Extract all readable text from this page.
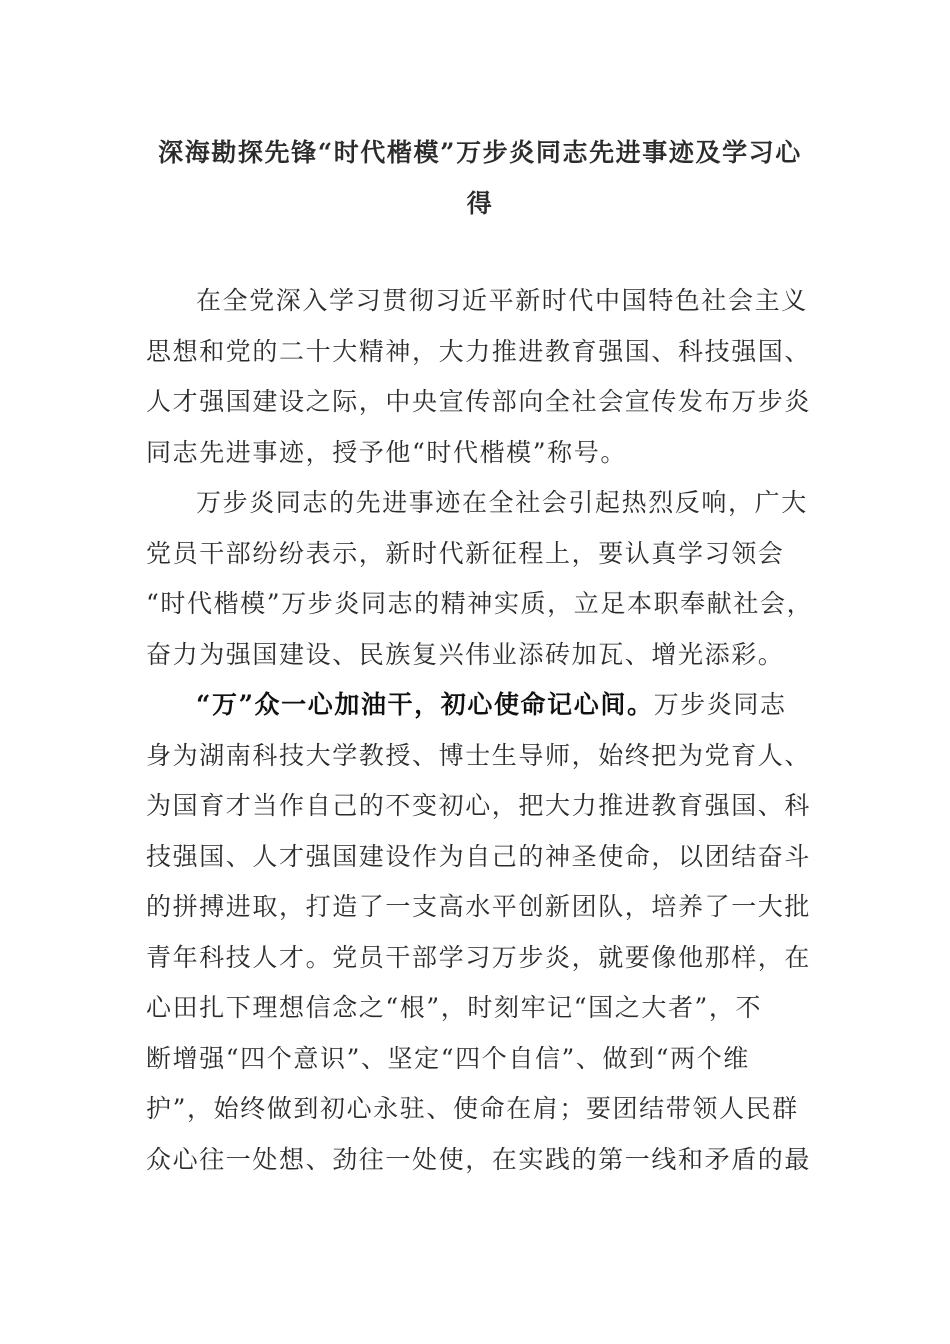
深海勘探先锋“时代楷模”万步炎同志先进事迹及学习心
得
在全党深入学习贯彻习近平新时代中国特色社会主义
思想和党的二十大精神，大力推进教育强国、科技强国、
人才强国建设之际，中央宣传部向全社会宣传发布万步炎
同志先进事迹，授予他“时代楷模”称号。
万步炎同志的先进事迹在全社会引起热烈反响，广大
党员干部纷纷表示，新时代新征程上，要认真学习领会
“时代楷模”万步炎同志的精神实质，立足本职奉献社会，
奋力为强国建设、民族复兴伟业添砖加瓦、增光添彩。
“万”众一心加油干，初心使命记心间。万步炎同志
身为湖南科技大学教授、博士生导师，始终把为党育人、
为国育才当作自己的不变初心，把大力推进教育强国、科
技强国、人才强国建设作为自己的神圣使命，以团结奋斗
的拼搏进取，打造了一支高水平创新团队，培养了一大批
青年科技人才。党员干部学习万步炎，就要像他那样，在
心田扎下理想信念之“根”，时刻牢记“国之大者”，不
断增强“四个意识”、坚定“四个自信”、做到“两个维
护”，始终做到初心永驻、使命在肩；要团结带领人民群
众心往一处想、劲往一处使，在实践的第一线和矛盾的最
